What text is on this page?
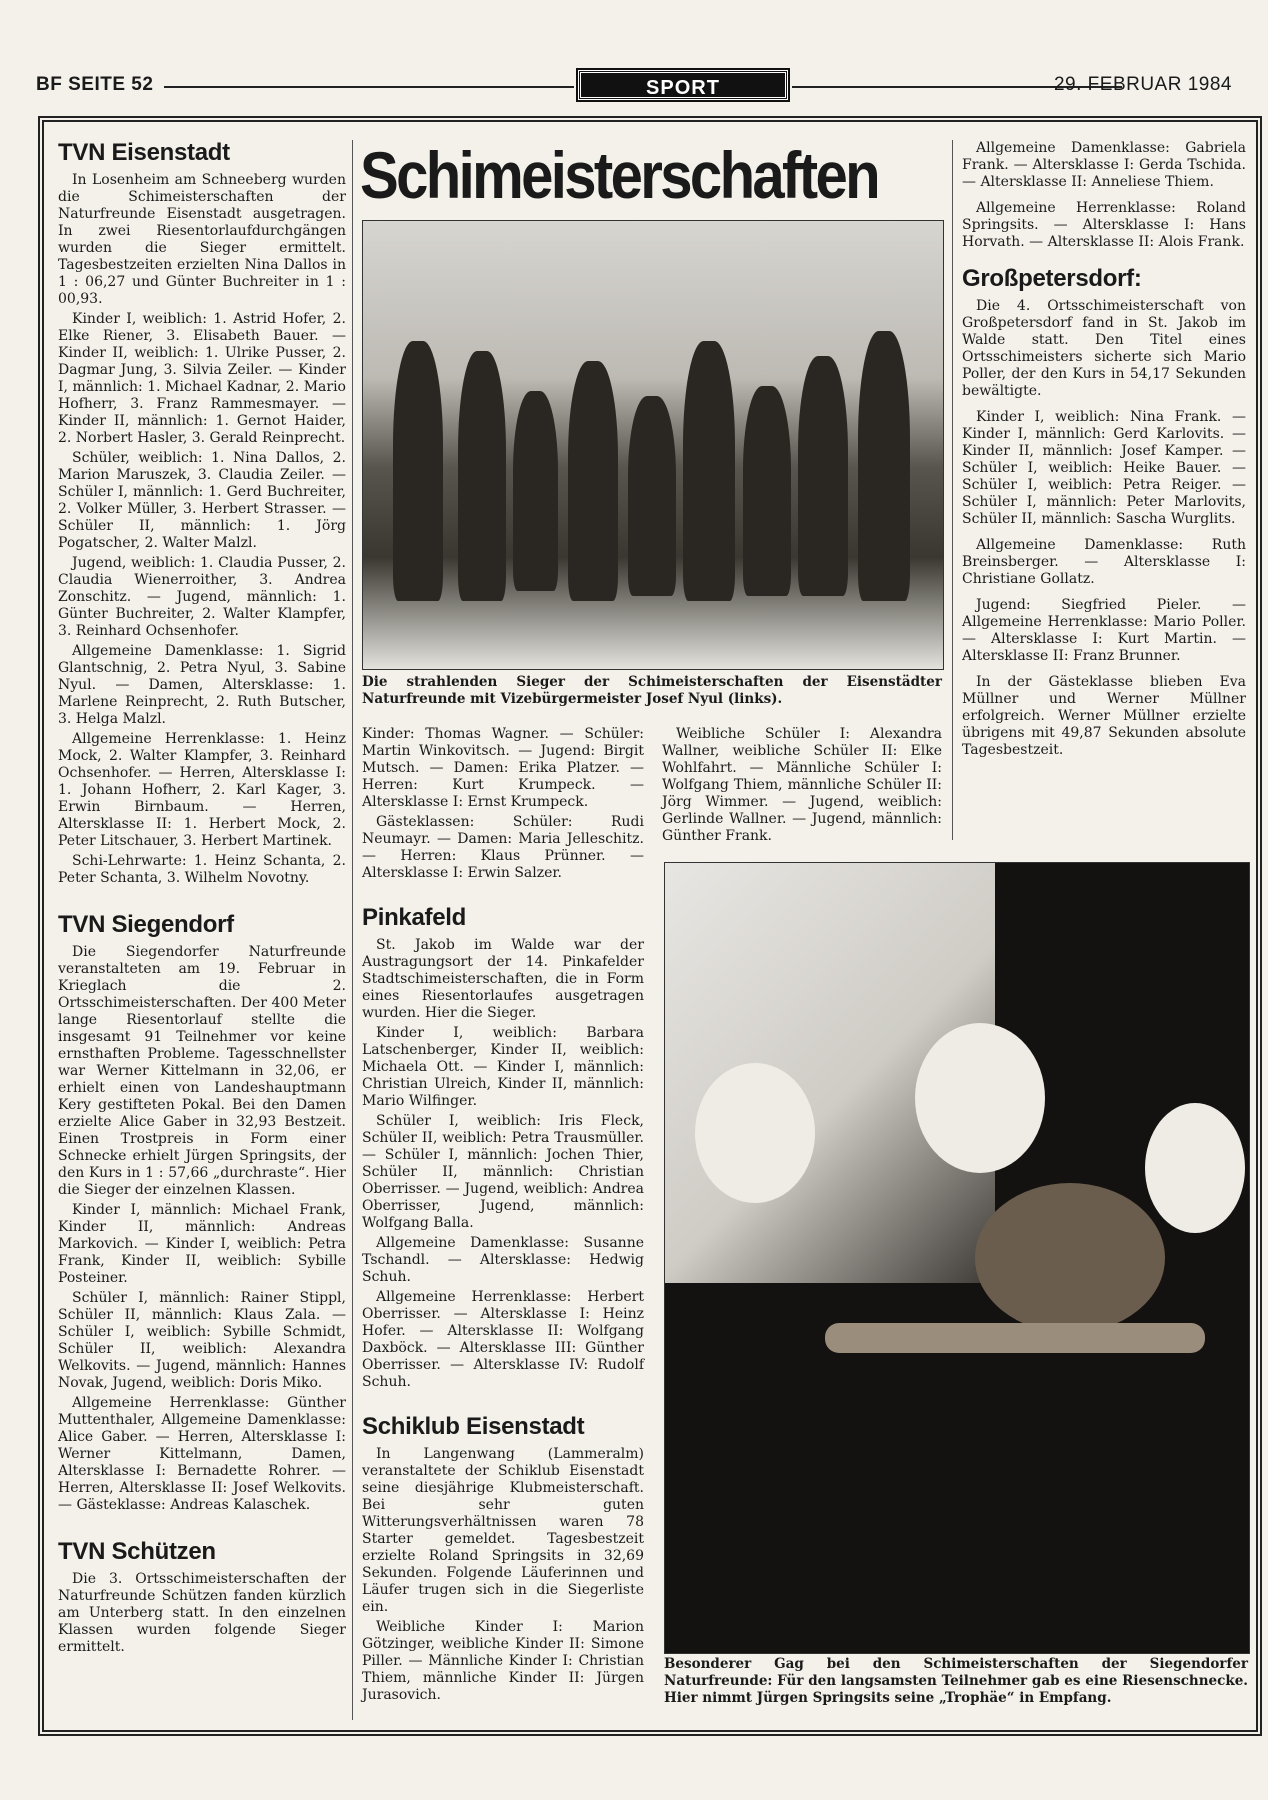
BF SEITE 52	SPORT	29. FEBRUAR 1984
TVN Eisenstadt

In Losenheim am Schneeberg wurden die Schimeisterschaften der Naturfreunde Eisenstadt ausgetragen. In zwei Riesentorlaufdurchgängen wurden die Sieger ermittelt. Tagesbestzeiten erzielten Nina Dallos in 1 : 06,27 und Günter Buchreiter in 1 : 00,93.

Kinder I, weiblich: 1. Astrid Hofer, 2. Elke Riener, 3. Elisabeth Bauer. — Kinder II, weiblich: 1. Ulrike Pusser, 2. Dagmar Jung, 3. Silvia Zeiler. — Kinder I, männlich: 1. Michael Kadnar, 2. Mario Hofherr, 3. Franz Rammesmayer. — Kinder II, männlich: 1. Gernot Haider, 2. Norbert Hasler, 3. Gerald Reinprecht.

Schüler, weiblich: 1. Nina Dallos, 2. Marion Maruszek, 3. Claudia Zeiler. — Schüler I, männlich: 1. Gerd Buchreiter, 2. Volker Müller, 3. Herbert Strasser. — Schüler II, männlich: 1. Jörg Pogatscher, 2. Walter Malzl.

Jugend, weiblich: 1. Claudia Pusser, 2. Claudia Wienerroither, 3. Andrea Zonschitz. — Jugend, männlich: 1. Günter Buchreiter, 2. Walter Klampfer, 3. Reinhard Ochsenhofer.

Allgemeine Damenklasse: 1. Sigrid Glantschnig, 2. Petra Nyul, 3. Sabine Nyul. — Damen, Altersklasse: 1. Marlene Reinprecht, 2. Ruth Butscher, 3. Helga Malzl.

Allgemeine Herrenklasse: 1. Heinz Mock, 2. Walter Klampfer, 3. Reinhard Ochsenhofer. — Herren, Altersklasse I: 1. Johann Hofherr, 2. Karl Kager, 3. Erwin Birnbaum. — Herren, Altersklasse II: 1. Herbert Mock, 2. Peter Litschauer, 3. Herbert Martinek.

Schi-Lehrwarte: 1. Heinz Schanta, 2. Peter Schanta, 3. Wilhelm Novotny.

TVN Siegendorf

Die Siegendorfer Naturfreunde veranstalteten am 19. Februar in Krieglach die 2. Ortsschimeisterschaften. Der 400 Meter lange Riesentorlauf stellte die insgesamt 91 Teilnehmer vor keine ernsthaften Probleme. Tagesschnellster war Werner Kittelmann in 32,06, er erhielt einen von Landeshauptmann Kery gestifteten Pokal. Bei den Damen erzielte Alice Gaber in 32,93 Bestzeit. Einen Trostpreis in Form einer Schnecke erhielt Jürgen Springsits, der den Kurs in 1 : 57,66 „durchraste“. Hier die Sieger der einzelnen Klassen.

Kinder I, männlich: Michael Frank, Kinder II, männlich: Andreas Markovich. — Kinder I, weiblich: Petra Frank, Kinder II, weiblich: Sybille Posteiner.

Schüler I, männlich: Rainer Stippl, Schüler II, männlich: Klaus Zala. — Schüler I, weiblich: Sybille Schmidt, Schüler II, weiblich: Alexandra Welkovits. — Jugend, männlich: Hannes Novak, Jugend, weiblich: Doris Miko.

Allgemeine Herrenklasse: Günther Muttenthaler, Allgemeine Damenklasse: Alice Gaber. — Herren, Altersklasse I: Werner Kittelmann, Damen, Altersklasse I: Bernadette Rohrer. — Herren, Altersklasse II: Josef Welkovits. — Gästeklasse: Andreas Kalaschek.

TVN Schützen

Die 3. Ortsschimeisterschaften der Naturfreunde Schützen fanden kürzlich am Unterberg statt. In den einzelnen Klassen wurden folgende Sieger ermittelt.

Schimeisterschaften
Die strahlenden Sieger der Schimeisterschaften der Eisenstädter Naturfreunde mit Vizebürgermeister Josef Nyul (links).

Kinder: Thomas Wagner. — Schüler: Martin Winkovitsch. — Jugend: Birgit Mutsch. — Damen: Erika Platzer. — Herren: Kurt Krumpeck. — Altersklasse I: Ernst Krumpeck.

Gästeklassen: Schüler: Rudi Neumayr. — Damen: Maria Jelleschitz. — Herren: Klaus Prünner. — Altersklasse I: Erwin Salzer.

Pinkafeld

St. Jakob im Walde war der Austragungsort der 14. Pinkafelder Stadtschimeisterschaften, die in Form eines Riesentorlaufes ausgetragen wurden. Hier die Sieger.

Kinder I, weiblich: Barbara Latschenberger, Kinder II, weiblich: Michaela Ott. — Kinder I, männlich: Christian Ulreich, Kinder II, männlich: Mario Wilfinger.

Schüler I, weiblich: Iris Fleck, Schüler II, weiblich: Petra Trausmüller. — Schüler I, männlich: Jochen Thier, Schüler II, männlich: Christian Oberrisser. — Jugend, weiblich: Andrea Oberrisser, Jugend, männlich: Wolfgang Balla.

Allgemeine Damenklasse: Susanne Tschandl. — Altersklasse: Hedwig Schuh.

Allgemeine Herrenklasse: Herbert Oberrisser. — Altersklasse I: Heinz Hofer. — Altersklasse II: Wolfgang Daxböck. — Altersklasse III: Günther Oberrisser. — Altersklasse IV: Rudolf Schuh.

Schiklub Eisenstadt

In Langenwang (Lammeralm) veranstaltete der Schiklub Eisenstadt seine diesjährige Klubmeisterschaft. Bei sehr guten Witterungsverhältnissen waren 78 Starter gemeldet. Tagesbestzeit erzielte Roland Springsits in 32,69 Sekunden. Folgende Läuferinnen und Läufer trugen sich in die Siegerliste ein.

Weibliche Kinder I: Marion Götzinger, weibliche Kinder II: Simone Piller. — Männliche Kinder I: Christian Thiem, männliche Kinder II: Jürgen Jurasovich.

Weibliche Schüler I: Alexandra Wallner, weibliche Schüler II: Elke Wohlfahrt. — Männliche Schüler I: Wolfgang Thiem, männliche Schüler II: Jörg Wimmer. — Jugend, weiblich: Gerlinde Wallner. — Jugend, männlich: Günther Frank.

Allgemeine Damenklasse: Gabriela Frank. — Altersklasse I: Gerda Tschida. — Altersklasse II: Anneliese Thiem.

Allgemeine Herrenklasse: Roland Springsits. — Altersklasse I: Hans Horvath. — Altersklasse II: Alois Frank.

Großpetersdorf:

Die 4. Ortsschimeisterschaft von Großpetersdorf fand in St. Jakob im Walde statt. Den Titel eines Ortsschimeisters sicherte sich Mario Poller, der den Kurs in 54,17 Sekunden bewältigte.

Kinder I, weiblich: Nina Frank. — Kinder I, männlich: Gerd Karlovits. — Kinder II, männlich: Josef Kamper. — Schüler I, weiblich: Heike Bauer. — Schüler I, weiblich: Petra Reiger. — Schüler I, männlich: Peter Marlovits, Schüler II, männlich: Sascha Wurglits.

Allgemeine Damenklasse: Ruth Breinsberger. — Altersklasse I: Christiane Gollatz.

Jugend: Siegfried Pieler. — Allgemeine Herrenklasse: Mario Poller. — Altersklasse I: Kurt Martin. — Altersklasse II: Franz Brunner.

In der Gästeklasse blieben Eva Müllner und Werner Müllner erfolgreich. Werner Müllner erzielte übrigens mit 49,87 Sekunden absolute Tagesbestzeit.

Besonderer Gag bei den Schimeisterschaften der Siegendorfer Naturfreunde: Für den langsamsten Teilnehmer gab es eine Riesenschnecke. Hier nimmt Jürgen Springsits seine „Trophäe“ in Empfang.
